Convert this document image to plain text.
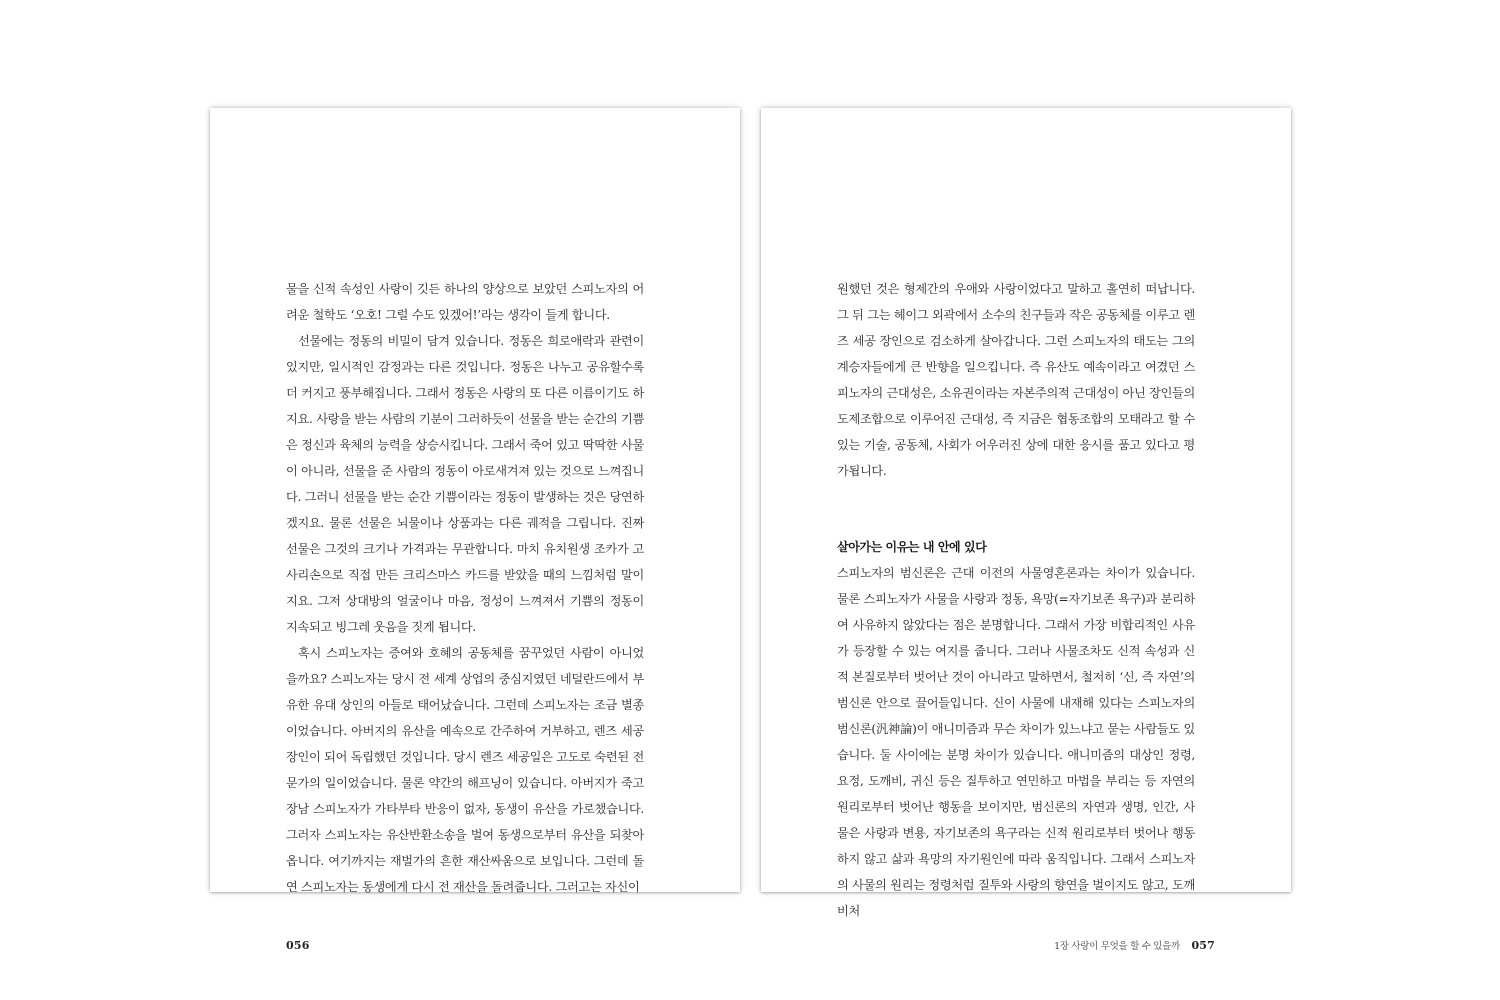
물을 신적 속성인 사랑이 깃든 하나의 양상으로 보았던 스피노자의 어려운 철학도 ‘오호! 그럴 수도 있겠어!’라는 생각이 들게 합니다.

선물에는 정동의 비밀이 담겨 있습니다. 정동은 희로애락과 관련이 있지만, 일시적인 감정과는 다른 것입니다. 정동은 나누고 공유할수록 더 커지고 풍부해집니다. 그래서 정동은 사랑의 또 다른 이름이기도 하지요. 사랑을 받는 사람의 기분이 그러하듯이 선물을 받는 순간의 기쁨은 정신과 육체의 능력을 상승시킵니다. 그래서 죽어 있고 딱딱한 사물이 아니라, 선물을 준 사람의 정동이 아로새겨져 있는 것으로 느껴집니다. 그러니 선물을 받는 순간 기쁨이라는 정동이 발생하는 것은 당연하겠지요. 물론 선물은 뇌물이나 상품과는 다른 궤적을 그립니다. 진짜 선물은 그것의 크기나 가격과는 무관합니다. 마치 유치원생 조카가 고사리손으로 직접 만든 크리스마스 카드를 받았을 때의 느낌처럼 말이지요. 그저 상대방의 얼굴이나 마음, 정성이 느껴져서 기쁨의 정동이 지속되고 빙그레 웃음을 짓게 됩니다.

혹시 스피노자는 증여와 호혜의 공동체를 꿈꾸었던 사람이 아니었을까요? 스피노자는 당시 전 세계 상업의 중심지였던 네덜란드에서 부유한 유대 상인의 아들로 태어났습니다. 그런데 스피노자는 조금 별종이었습니다. 아버지의 유산을 예속으로 간주하여 거부하고, 렌즈 세공 장인이 되어 독립했던 것입니다. 당시 렌즈 세공일은 고도로 숙련된 전문가의 일이었습니다. 물론 약간의 해프닝이 있습니다. 아버지가 죽고 장남 스피노자가 가타부타 반응이 없자, 동생이 유산을 가로챘습니다. 그러자 스피노자는 유산반환소송을 벌여 동생으로부터 유산을 되찾아옵니다. 여기까지는 재벌가의 흔한 재산싸움으로 보입니다. 그런데 돌연 스피노자는 동생에게 다시 전 재산을 돌려줍니다. 그러고는 자신이

056

원했던 것은 형제간의 우애와 사랑이었다고 말하고 홀연히 떠납니다. 그 뒤 그는 헤이그 외곽에서 소수의 친구들과 작은 공동체를 이루고 렌즈 세공 장인으로 검소하게 살아갑니다. 그런 스피노자의 태도는 그의 계승자들에게 큰 반향을 일으킵니다. 즉 유산도 예속이라고 여겼던 스피노자의 근대성은, 소유권이라는 자본주의적 근대성이 아닌 장인들의 도제조합으로 이루어진 근대성, 즉 지금은 협동조합의 모태라고 할 수 있는 기술, 공동체, 사회가 어우러진 상에 대한 응시를 품고 있다고 평가됩니다.

살아가는 이유는 내 안에 있다

스피노자의 범신론은 근대 이전의 사물영혼론과는 차이가 있습니다. 물론 스피노자가 사물을 사랑과 정동, 욕망(=자기보존 욕구)과 분리하여 사유하지 않았다는 점은 분명합니다. 그래서 가장 비합리적인 사유가 등장할 수 있는 여지를 줍니다. 그러나 사물조차도 신적 속성과 신적 본질로부터 벗어난 것이 아니라고 말하면서, 철저히 ‘신, 즉 자연’의 범신론 안으로 끌어들입니다. 신이 사물에 내재해 있다는 스피노자의 범신론(汎神論)이 애니미즘과 무슨 차이가 있느냐고 묻는 사람들도 있습니다. 둘 사이에는 분명 차이가 있습니다. 애니미즘의 대상인 정령, 요정, 도깨비, 귀신 등은 질투하고 연민하고 마법을 부리는 등 자연의 원리로부터 벗어난 행동을 보이지만, 범신론의 자연과 생명, 인간, 사물은 사랑과 변용, 자기보존의 욕구라는 신적 원리로부터 벗어나 행동하지 않고 삶과 욕망의 자기원인에 따라 움직입니다. 그래서 스피노자의 사물의 원리는 정령처럼 질투와 사랑의 향연을 벌이지도 않고, 도깨비처

1장 사랑이 무엇을 할 수 있을까 057
